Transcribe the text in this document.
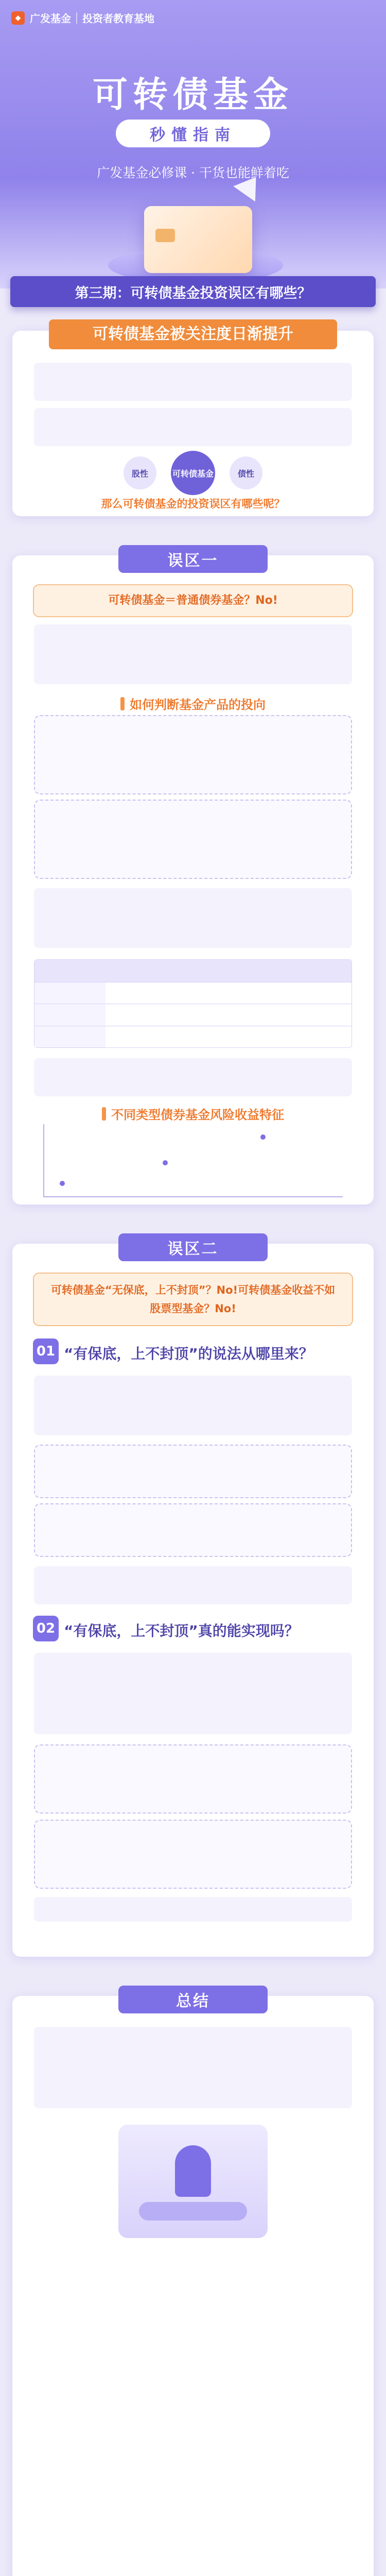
◆ 广发基金 投资者教育基地
可转债基金
秒懂指南
广发基金必修课 · 干货也能鲜着吃
第三期：可转债基金投资误区有哪些？
可转债基金被关注度日渐提升
股性	可转债基金	债性
那么可转债基金的投资误区有哪些呢？
误区一
可转债基金＝普通债券基金？No!
如何判断基金产品的投向
不同类型债券基金风险收益特征
误区二
可转债基金“无保底，上不封顶”？No!可转债基金收益不如股票型基金？No!
01 “有保底，上不封顶”的说法从哪里来？
02 “有保底，上不封顶”真的能实现吗？
总结
